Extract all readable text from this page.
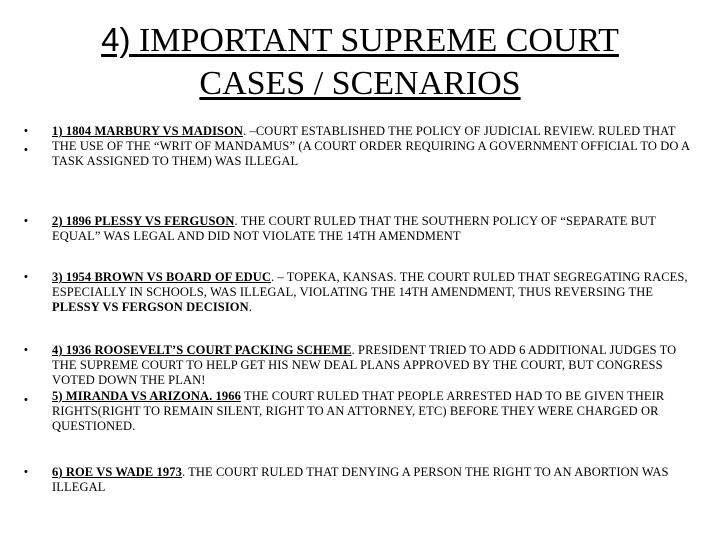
4) IMPORTANT SUPREME COURT
CASES / SCENARIOS
•
•
1) 1804 MARBURY VS MADISON. –COURT ESTABLISHED THE POLICY OF JUDICIAL REVIEW. RULED THAT THE USE OF THE “WRIT OF MANDAMUS” (A COURT ORDER REQUIRING A GOVERNMENT OFFICIAL TO DO A TASK ASSIGNED TO THEM) WAS ILLEGAL
• 2) 1896 PLESSY VS FERGUSON. THE COURT RULED THAT THE SOUTHERN POLICY OF “SEPARATE BUT EQUAL” WAS LEGAL AND DID NOT VIOLATE THE 14TH AMENDMENT
• 3) 1954 BROWN VS BOARD OF EDUC. – TOPEKA, KANSAS. THE COURT RULED THAT SEGREGATING RACES, ESPECIALLY IN SCHOOLS, WAS ILLEGAL, VIOLATING THE 14TH AMENDMENT, THUS REVERSING THE PLESSY VS FERGSON DECISION.
•
•
4) 1936 ROOSEVELT’S COURT PACKING SCHEME. PRESIDENT TRIED TO ADD 6 ADDITIONAL JUDGES TO THE SUPREME COURT TO HELP GET HIS NEW DEAL PLANS APPROVED BY THE COURT, BUT CONGRESS VOTED DOWN THE PLAN!
5) MIRANDA VS ARIZONA. 1966 THE COURT RULED THAT PEOPLE ARRESTED HAD TO BE GIVEN THEIR RIGHTS(RIGHT TO REMAIN SILENT, RIGHT TO AN ATTORNEY, ETC) BEFORE THEY WERE CHARGED OR QUESTIONED.
• 6) ROE VS WADE 1973. THE COURT RULED THAT DENYING A PERSON THE RIGHT TO AN ABORTION WAS ILLEGAL
